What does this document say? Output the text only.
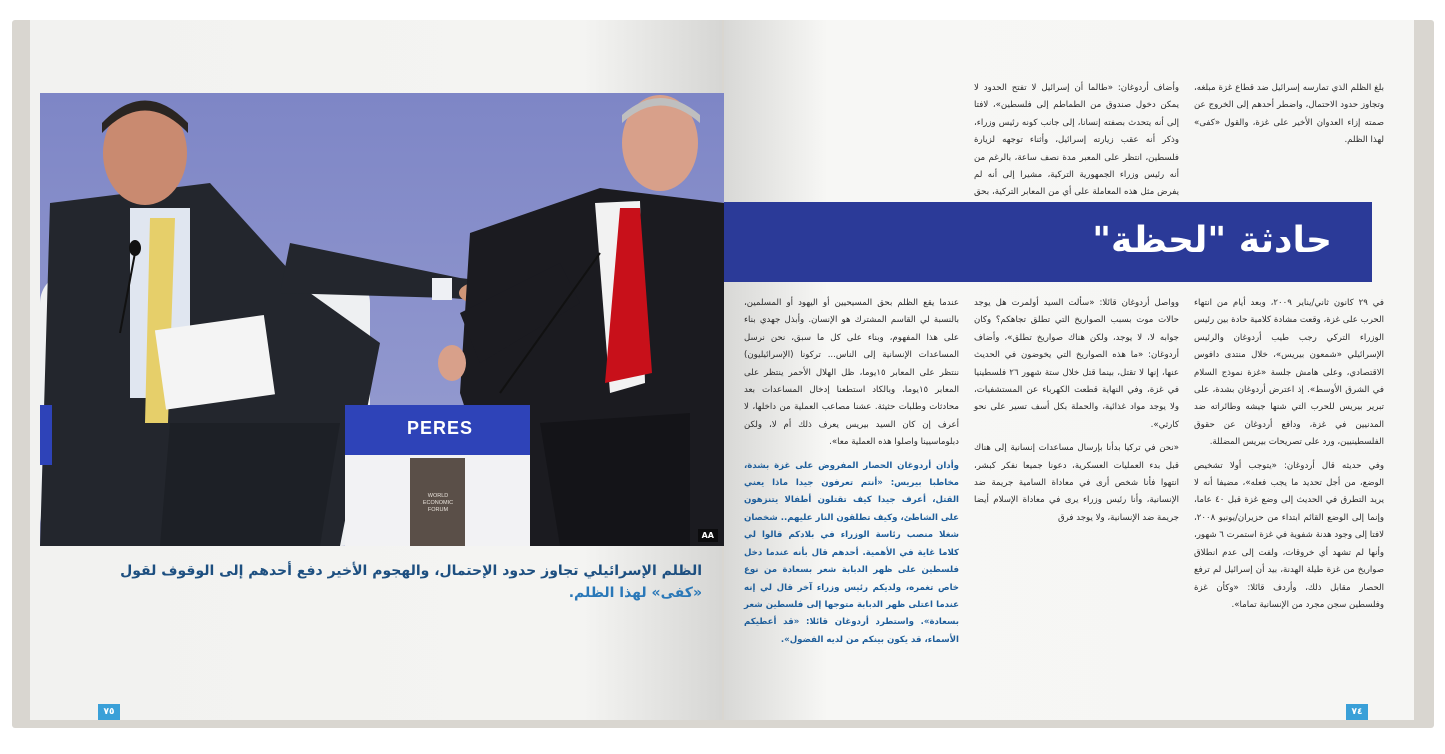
PERES
WORLD
ECONOMIC
FORUM
AA
الظلم الإسرائيلي تجاوز حدود الإحتمال، والهجوم الأخير دفع أحدهم إلى الوقوف لقول «كفى» لهذا الظلم.
٧٥

وأضاف أردوغان: «طالما أن إسرائيل لا تفتح الحدود لا يمكن دخول صندوق من الطماطم إلى فلسطين»، لافتا إلى أنه يتحدث بصفته إنسانا، إلى جانب كونه رئيس وزراء، وذكر أنه عقب زيارته إسرائيل، وأثناء توجهه لزيارة فلسطين، انتظر على المعبر مدة نصف ساعة، بالرغم من أنه رئيس وزراء الجمهورية التركية، مشيرا إلى أنه لم يفرض مثل هذه المعاملة على أي من المعابر التركية، بحق

بلغ الظلم الذي تمارسه إسرائيل ضد قطاع غزة مبلغه، وتجاوز حدود الاحتمال، واضطر أحدهم إلى الخروج عن صمته إزاء العدوان الأخير على غزة، والقول «كفى» لهذا الظلم.

حادثة "لحظة"

في ٢٩ كانون ثاني/يناير ٢٠٠٩، وبعد أيام من انتهاء الحرب على غزة، وقعت مشادة كلامية حادة بين رئيس الوزراء التركي رجب طيب أردوغان والرئيس الإسرائيلي «شمعون بيريس»، خلال منتدى دافوس الاقتصادي، وعلى هامش جلسة «غزة نموذج السلام في الشرق الأوسط». إذ اعترض أردوغان بشدة، على تبرير بيريس للحرب التي شنها جيشه وطائراته ضد المدنيين في غزة، ودافع أردوغان عن حقوق الفلسطينيين، ورد على تصريحات بيريس المضللة.

وفي حديثه قال أردوغان: «يتوجب أولا تشخيص الوضع، من أجل تحديد ما يجب فعله»، مضيفا أنه لا يريد التطرق في الحديث إلى وضع غزة قبل ٤٠ عاما، وإنما إلى الوضع القائم ابتداء من حزيران/يونيو ٢٠٠٨، لافتا إلى وجود هدنة شفوية في غزة استمرت ٦ شهور، وأنها لم تشهد أي خروقات، ولفت إلى عدم انطلاق صواريخ من غزة طيلة الهدنة، بيد أن إسرائيل لم ترفع الحصار مقابل ذلك، وأردف قائلا: «وكأن غزة وفلسطين سجن مجرد من الإنسانية تماما».

وواصل أردوغان قائلا: «سألت السيد أولمرت هل يوجد حالات موت بسبب الصواريخ التي تطلق تجاهكم؟ وكان جوابه لا، لا يوجد، ولكن هناك صواريخ تطلق»، وأضاف أردوغان: «ما هذه الصواريخ التي يخوضون في الحديث عنها، إنها لا تقتل، بينما قتل خلال ستة شهور ٢٦ فلسطينيا في غزة، وفي النهاية قطعت الكهرباء عن المستشفيات، ولا يوجد مواد غذائية، والحملة بكل أسف تسير على نحو كارثي».

«نحن في تركيا بدأنا بإرسال مساعدات إنسانية إلى هناك قبل بدء العمليات العسكرية، دعونا جميعا نفكر كبشر، انتهوا فأنا شخص أرى في معاداة السامية جريمة ضد الإنسانية، وأنا رئيس وزراء يرى في معاداة الإسلام أيضا جريمة ضد الإنسانية، ولا يوجد فرق

عندما يقع الظلم بحق المسيحيين أو اليهود أو المسلمين، بالنسبة لي القاسم المشترك هو الإنسان. وأبذل جهدي بناء على هذا المفهوم، وبناء على كل ما سبق، نحن نرسل المساعدات الإنسانية إلى الناس... تركونا (الإسرائيليون) ننتظر على المعابر ١٥يوما، ظل الهلال الأحمر ينتظر على المعابر ١٥يوما، وبالكاد استطعنا إدخال المساعدات بعد محادثات وطلبات حثيثة. عشنا مصاعب العملية من داخلها، لا أعرف إن كان السيد بيريس يعرف ذلك أم لا، ولكن دبلوماسيينا واصلوا هذه العملية معا».

وأدان أردوغان الحصار المفروض على غزة بشدة، مخاطبا بيريس: «أنتم تعرفون جيدا ماذا يعني القتل، أعرف جيدا كيف تقتلون أطفالا يتنزهون على الشاطئ، وكيف تطلقون النار عليهم.. شخصان شغلا منصب رئاسة الوزراء في بلادكم قالوا لي كلاما غاية في الأهمية. أحدهم قال بأنه عندما دخل فلسطين على ظهر الدبابة شعر بسعادة من نوع خاص تغمره، ولديكم رئيس وزراء آخر قال لي إنه عندما اعتلى ظهر الدبابة متوجها إلى فلسطين شعر بسعادة». واستطرد أردوغان قائلا: «قد أعطيكم الأسماء، قد يكون بينكم من لديه الفضول».

٧٤
